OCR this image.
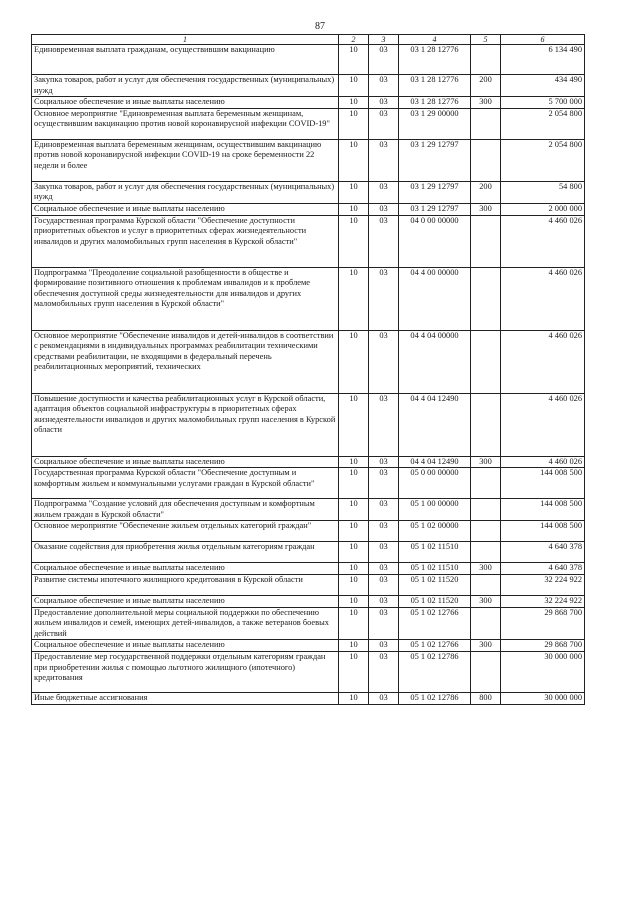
87
1	2	3	4	5	6
Единовременная выплата гражданам, осуществившим вакцинацию	10	03	03 1 28 12776		6 134 490
Закупка товаров, работ и услуг для обеспечения государственных (муниципальных) нужд	10	03	03 1 28 12776	200	434 490
Социальное обеспечение и иные выплаты населению	10	03	03 1 28 12776	300	5 700 000
Основное мероприятие "Единовременная выплата беременным женщинам, осуществившим вакцинацию против новой коронавирусной инфекции COVID-19"	10	03	03 1 29 00000		2 054 800
Единовременная выплата беременным женщинам, осуществившим вакцинацию против новой коронавирусной инфекции COVID-19 на сроке беременности 22 недели и более	10	03	03 1 29 12797		2 054 800
Закупка товаров, работ и услуг для обеспечения государственных (муниципальных) нужд	10	03	03 1 29 12797	200	54 800
Социальное обеспечение и иные выплаты населению	10	03	03 1 29 12797	300	2 000 000
Государственная программа Курской области "Обеспечение доступности приоритетных объектов и услуг в приоритетных сферах жизнедеятельности инвалидов и других маломобильных групп населения в Курской области"	10	03	04 0 00 00000		4 460 026
Подпрограмма "Преодоление социальной разобщенности в обществе и формирование позитивного отношения к проблемам инвалидов и к проблеме обеспечения доступной среды жизнедеятельности для инвалидов и других маломобильных групп населения в Курской области"	10	03	04 4 00 00000		4 460 026
Основное мероприятие "Обеспечение инвалидов и детей-инвалидов в соответствии с рекомендациями в индивидуальных программах реабилитации техническими средствами реабилитации, не входящими в федеральный перечень реабилитационных мероприятий, технических	10	03	04 4 04 00000		4 460 026
Повышение доступности и качества реабилитационных услуг в Курской области, адаптация объектов социальной инфраструктуры в приоритетных сферах жизнедеятельности инвалидов и других маломобильных групп населения в Курской области	10	03	04 4 04 12490		4 460 026
Социальное обеспечение и иные выплаты населению	10	03	04 4 04 12490	300	4 460 026
Государственная программа Курской области "Обеспечение доступным и комфортным жильем и коммунальными услугами граждан в Курской области"	10	03	05 0 00 00000		144 008 500
Подпрограмма "Создание условий для обеспечения доступным и комфортным жильем граждан в Курской области"	10	03	05 1 00 00000		144 008 500
Основное мероприятие "Обеспечение жильем отдельных категорий граждан"	10	03	05 1 02 00000		144 008 500
Оказание содействия для приобретения жилья отдельным категориям граждан	10	03	05 1 02 11510		4 640 378
Социальное обеспечение и иные выплаты населению	10	03	05 1 02 11510	300	4 640 378
Развитие системы ипотечного жилищного кредитования в Курской области	10	03	05 1 02 11520		32 224 922
Социальное обеспечение и иные выплаты населению	10	03	05 1 02 11520	300	32 224 922
Предоставление дополнительной меры социальной поддержки по обеспечению жильем инвалидов и семей, имеющих детей-инвалидов, а также ветеранов боевых действий	10	03	05 1 02 12766		29 868 700
Социальное обеспечение и иные выплаты населению	10	03	05 1 02 12766	300	29 868 700
Предоставление мер государственной поддержки отдельным категориям граждан при приобретении жилья с помощью льготного жилищного (ипотечного) кредитования	10	03	05 1 02 12786		30 000 000
Иные бюджетные ассигнования	10	03	05 1 02 12786	800	30 000 000
